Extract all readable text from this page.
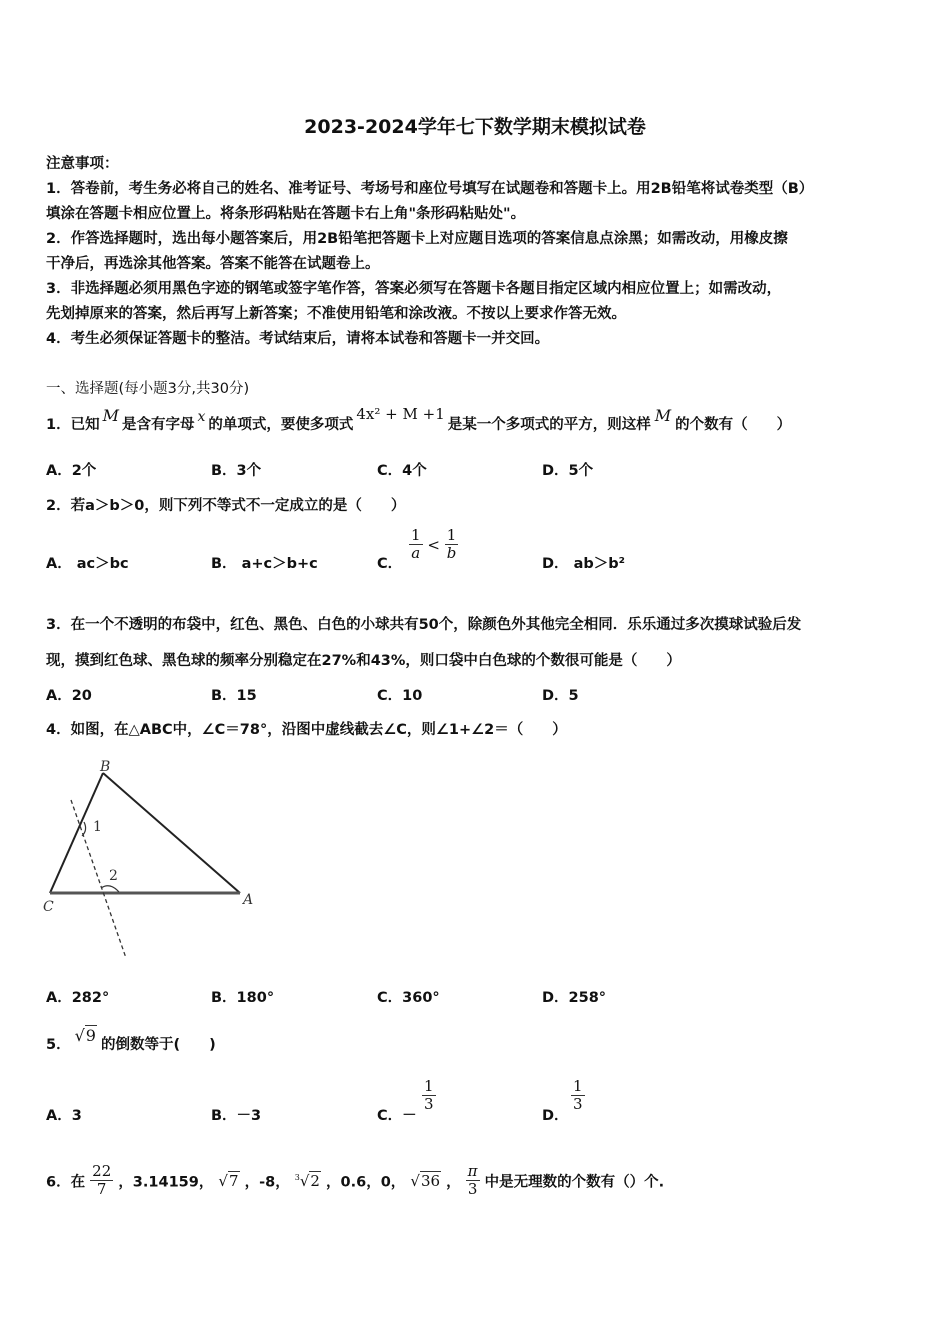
2023-2024学年七下数学期末模拟试卷
注意事项：
1．答卷前，考生务必将自己的姓名、准考证号、考场号和座位号填写在试题卷和答题卡上。用2B铅笔将试卷类型（B）
填涂在答题卡相应位置上。将条形码粘贴在答题卡右上角"条形码粘贴处"。
2．作答选择题时，选出每小题答案后，用2B铅笔把答题卡上对应题目选项的答案信息点涂黑；如需改动，用橡皮擦
干净后，再选涂其他答案。答案不能答在试题卷上。
3．非选择题必须用黑色字迹的钢笔或签字笔作答，答案必须写在答题卡各题目指定区域内相应位置上；如需改动，
先划掉原来的答案，然后再写上新答案；不准使用铅笔和涂改液。不按以上要求作答无效。
4．考生必须保证答题卡的整洁。考试结束后，请将本试卷和答题卡一并交回。
一、选择题(每小题3分,共30分)
1．已知 M 是含有字母 x 的单项式，要使多项式4x² + M +1是某一个多项式的平方，则这样 M 的个数有（　　）
A．2个	B．3个	C．4个	D．5个
2．若a＞b＞0，则下列不等式不一定成立的是（　　）
A． ac＞bc	B． a+c＞b+c	C．
$\frac{1}{a} < \frac{1}{b}$
D． ab＞b²
3．在一个不透明的布袋中，红色、黑色、白色的小球共有50个，除颜色外其他完全相同．乐乐通过多次摸球试验后发
现，摸到红色球、黑色球的频率分别稳定在27%和43%，则口袋中白色球的个数很可能是（　　）
A．20	B．15	C．10	D．5
4．如图，在△ABC中，∠C＝78°，沿图中虚线截去∠C，则∠1+∠2＝（　　）
B
C	A
1
2
A．282°	B．180°	C．360°	D．258°
5． √9 的倒数等于(　　)
A．3	B．－3	C．－
$\frac{1}{3}$
D．
$\frac{1}{3}$
6．在 $\frac{22}{7}$ ，3.14159， √7 ，-8， $^3$√2 ，0.6，0， √36 ， $\frac{\pi}{3}$ 中是无理数的个数有（）个.
